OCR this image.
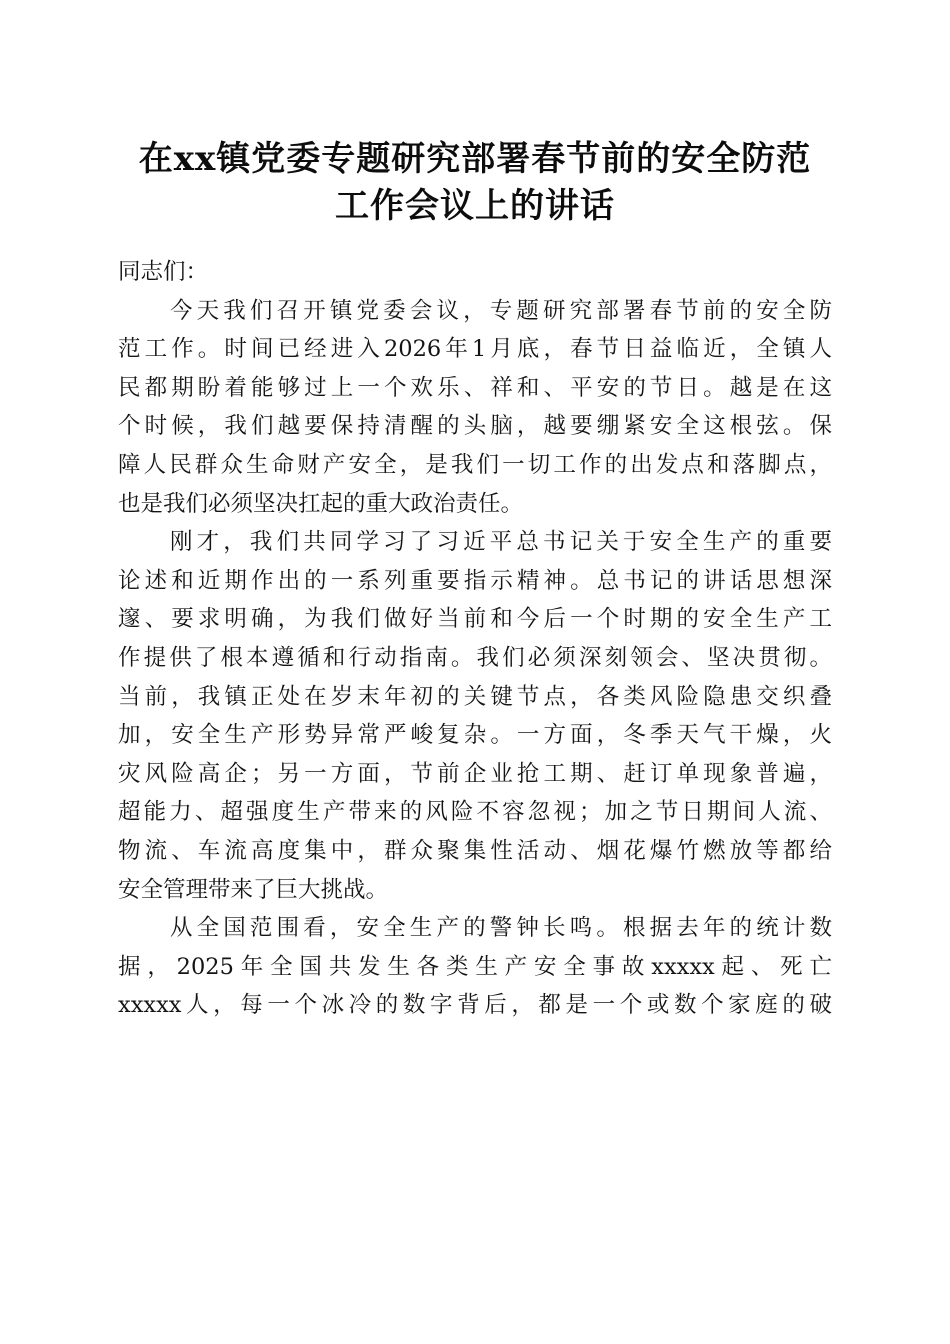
在xx镇党委专题研究部署春节前的安全防范
工作会议上的讲话
同志们：
今天我们召开镇党委会议，专题研究部署春节前的安全防
范工作。时间已经进入2026年1月底，春节日益临近，全镇人
民都期盼着能够过上一个欢乐、祥和、平安的节日。越是在这
个时候，我们越要保持清醒的头脑，越要绷紧安全这根弦。保
障人民群众生命财产安全，是我们一切工作的出发点和落脚点，
也是我们必须坚决扛起的重大政治责任。
刚才，我们共同学习了习近平总书记关于安全生产的重要
论述和近期作出的一系列重要指示精神。总书记的讲话思想深
邃、要求明确，为我们做好当前和今后一个时期的安全生产工
作提供了根本遵循和行动指南。我们必须深刻领会、坚决贯彻。
当前，我镇正处在岁末年初的关键节点，各类风险隐患交织叠
加，安全生产形势异常严峻复杂。一方面，冬季天气干燥，火
灾风险高企；另一方面，节前企业抢工期、赶订单现象普遍，
超能力、超强度生产带来的风险不容忽视；加之节日期间人流、
物流、车流高度集中，群众聚集性活动、烟花爆竹燃放等都给
安全管理带来了巨大挑战。
从全国范围看，安全生产的警钟长鸣。根据去年的统计数
据，2025年全国共发生各类生产安全事故xxxxx起、死亡
xxxxx人，每一个冰冷的数字背后，都是一个或数个家庭的破
